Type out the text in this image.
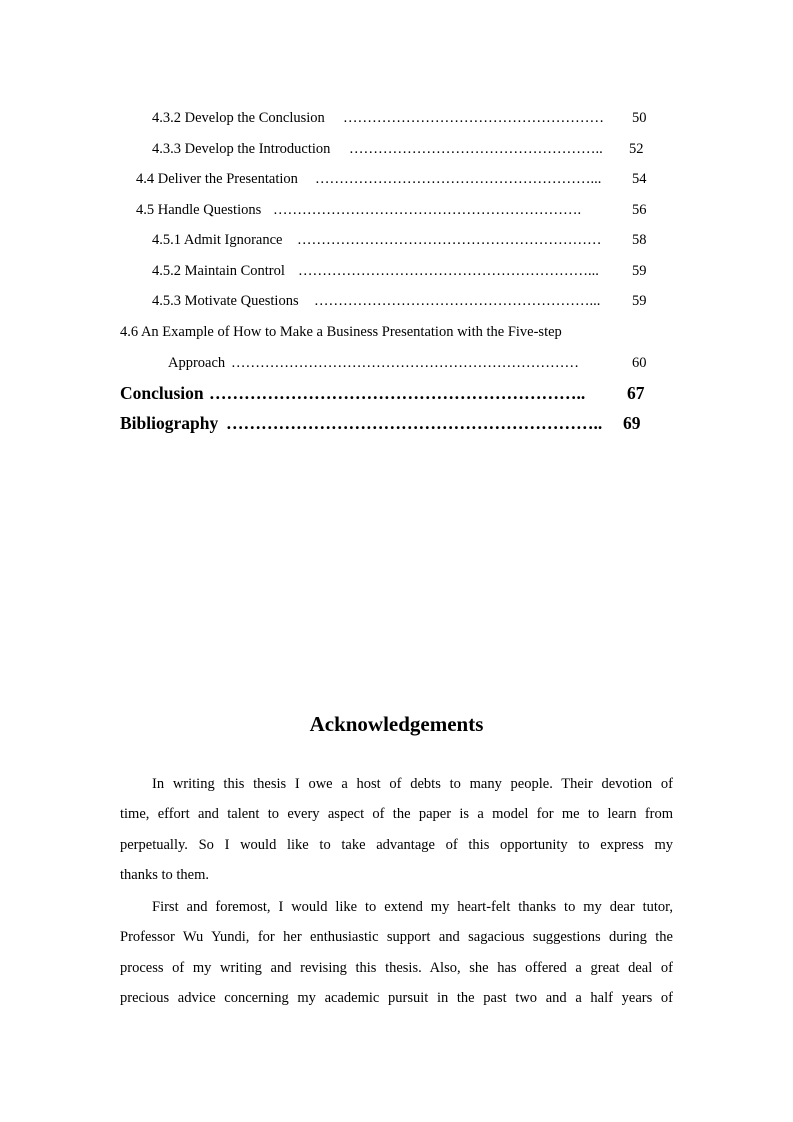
4.3.2 Develop the Conclusion ……………………………………………… 50
4.3.3 Develop the Introduction …………………………………………….. 52
4.4 Deliver the Presentation …………………………………………………... 54
4.5 Handle Questions ……………………………………………………….	56
4.5.1 Admit Ignorance ……………………………………………………… 58
4.5.2 Maintain Control ……………………………………………………... 59
4.5.3 Motivate Questions …………………………………………………... 59
4.6 An Example of How to Make a Business Presentation with the Five-step
Approach ………………………………………………………………	60
Conclusion ……………………………………………………….. 67
Bibliography ……………………………………………………….. 69
Acknowledgements
In writing this thesis I owe a host of debts to many people. Their devotion of
time, effort and talent to every aspect of the paper is a model for me to learn from
perpetually. So I would like to take advantage of this opportunity to express my
thanks to them.
First and foremost, I would like to extend my heart-felt thanks to my dear tutor,
Professor Wu Yundi, for her enthusiastic support and sagacious suggestions during the
process of my writing and revising this thesis. Also, she has offered a great deal of
precious advice concerning my academic pursuit in the past two and a half years of
